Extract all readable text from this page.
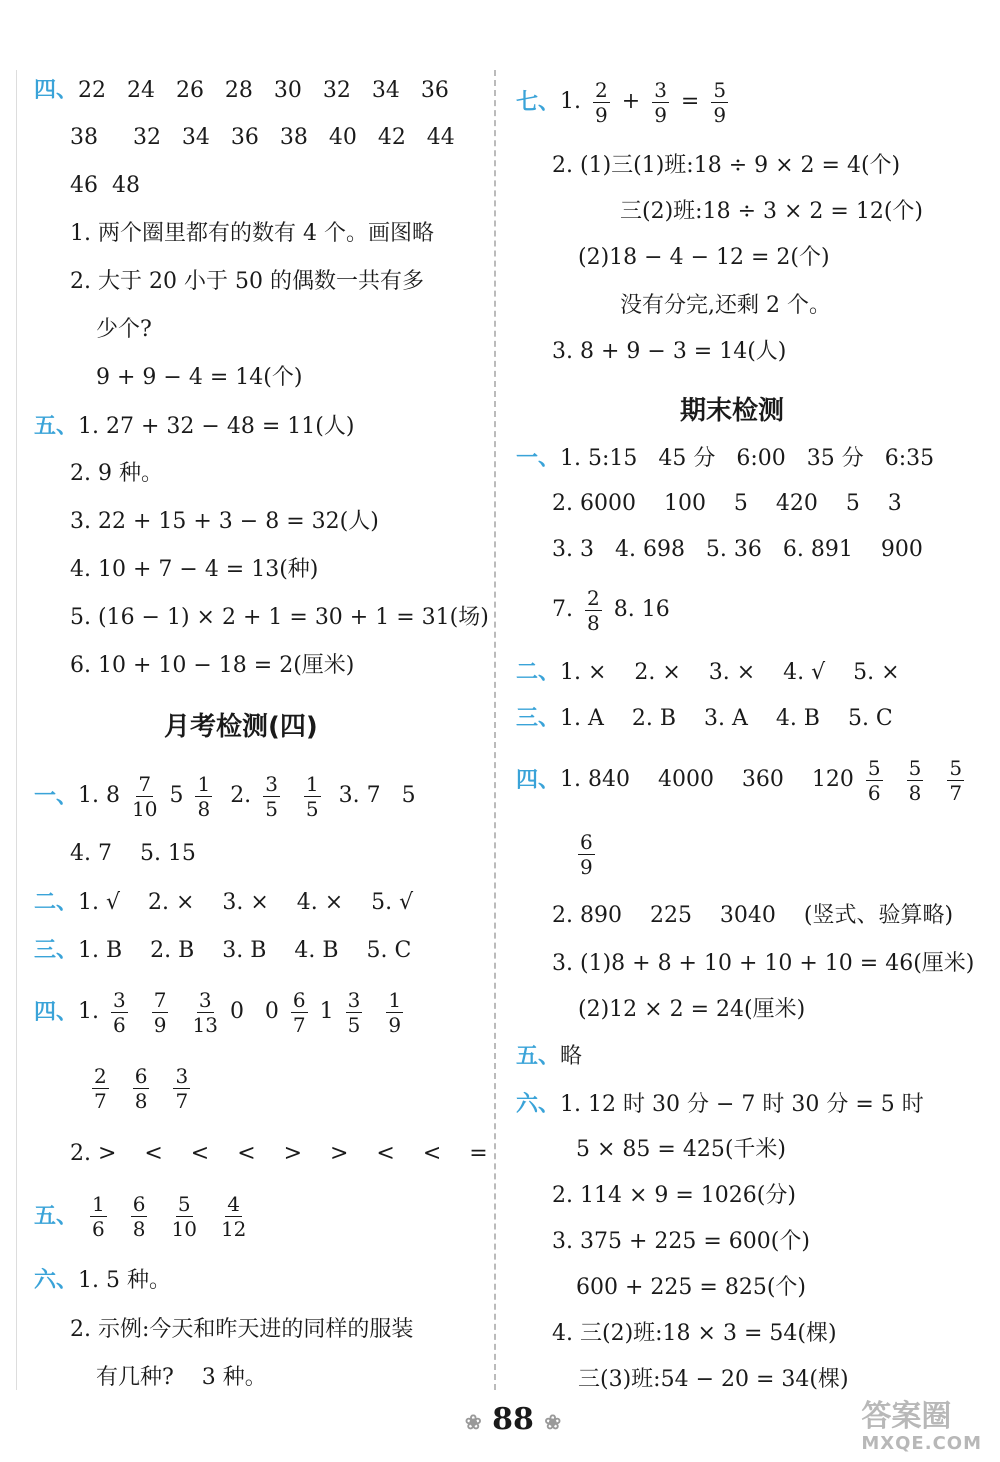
四、22   24   26   28   30   32   34   36
38     32   34   36   38   40   42   44
46  48
1. 两个圈里都有的数有 4 个。画图略
2. 大于 20 小于 50 的偶数一共有多
少个?
9 + 9 − 4 = 14(个)
五、1. 27 + 32 − 48 = 11(人)
2. 9 种。
3. 22 + 15 + 3 − 8 = 32(人)
4. 10 + 7 − 4 = 13(种)
5. (16 − 1) × 2 + 1 = 30 + 1 = 31(场)
6. 10 + 10 − 18 = 2(厘米)
月考检测(四)
一、 1. $8 \frac{7}{10} 5 \frac{1}{8} 2$. $\frac{3}{5} \frac{1}{5} 3$. 7   5
4. 7    5. 15
二、1. √    2. ×    3. ×    4. ×    5. √
三、1. B    2. B    3. B    4. B    5. C
四、 1. $\frac{3}{6} \frac{7}{9} \frac{3}{13} 0$   $0 \frac{6}{7} 1 \frac{3}{5} \frac{1}{9}$
$\frac{2}{7} \frac{6}{8} \frac{3}{7}$
2. >    <    <    <    >    >    <    <    =
五、 $\frac{1}{6} \frac{6}{8} \frac{5}{10} \frac{4}{12}$
六、1. 5 种。
2. 示例:今天和昨天进的同样的服装
有几种?    3 种。
七、 1. $\frac{2}{9} + \frac{3}{9} = \frac{5}{9}$
2. (1)三(1)班:18 ÷ 9 × 2 = 4(个)
三(2)班:18 ÷ 3 × 2 = 12(个)
(2)18 − 4 − 12 = 2(个)
没有分完,还剩 2 个。
3. 8 + 9 − 3 = 14(人)
期末检测
一、1. 5:15   45 分   6:00   35 分   6:35
2. 6000    100    5    420    5    3
3. 3   4. 698   5. 36   6. 891    900
7. $\frac{2}{8} 8$. 16
二、1. ×    2. ×    3. ×    4. √    5. ×
三、1. A    2. B    3. A    4. B    5. C
四、 1. 840    4000    360    $120 \frac{5}{6} \frac{5}{8} \frac{5}{7}$
$\frac{6}{9}$
2. 890    225    3040    (竖式、验算略)
3. (1)8 + 8 + 10 + 10 + 10 = 46(厘米)
(2)12 × 2 = 24(厘米)
五、略
六、1. 12 时 30 分 − 7 时 30 分 = 5 时
5 × 85 = 425(千米)
2. 114 × 9 = 1026(分)
3. 375 + 225 = 600(个)
600 + 225 = 825(个)
4. 三(2)班:18 × 3 = 54(棵)
三(3)班:54 − 20 = 34(棵)
❀ 88 ❀	答案圈
MXQE.COM
